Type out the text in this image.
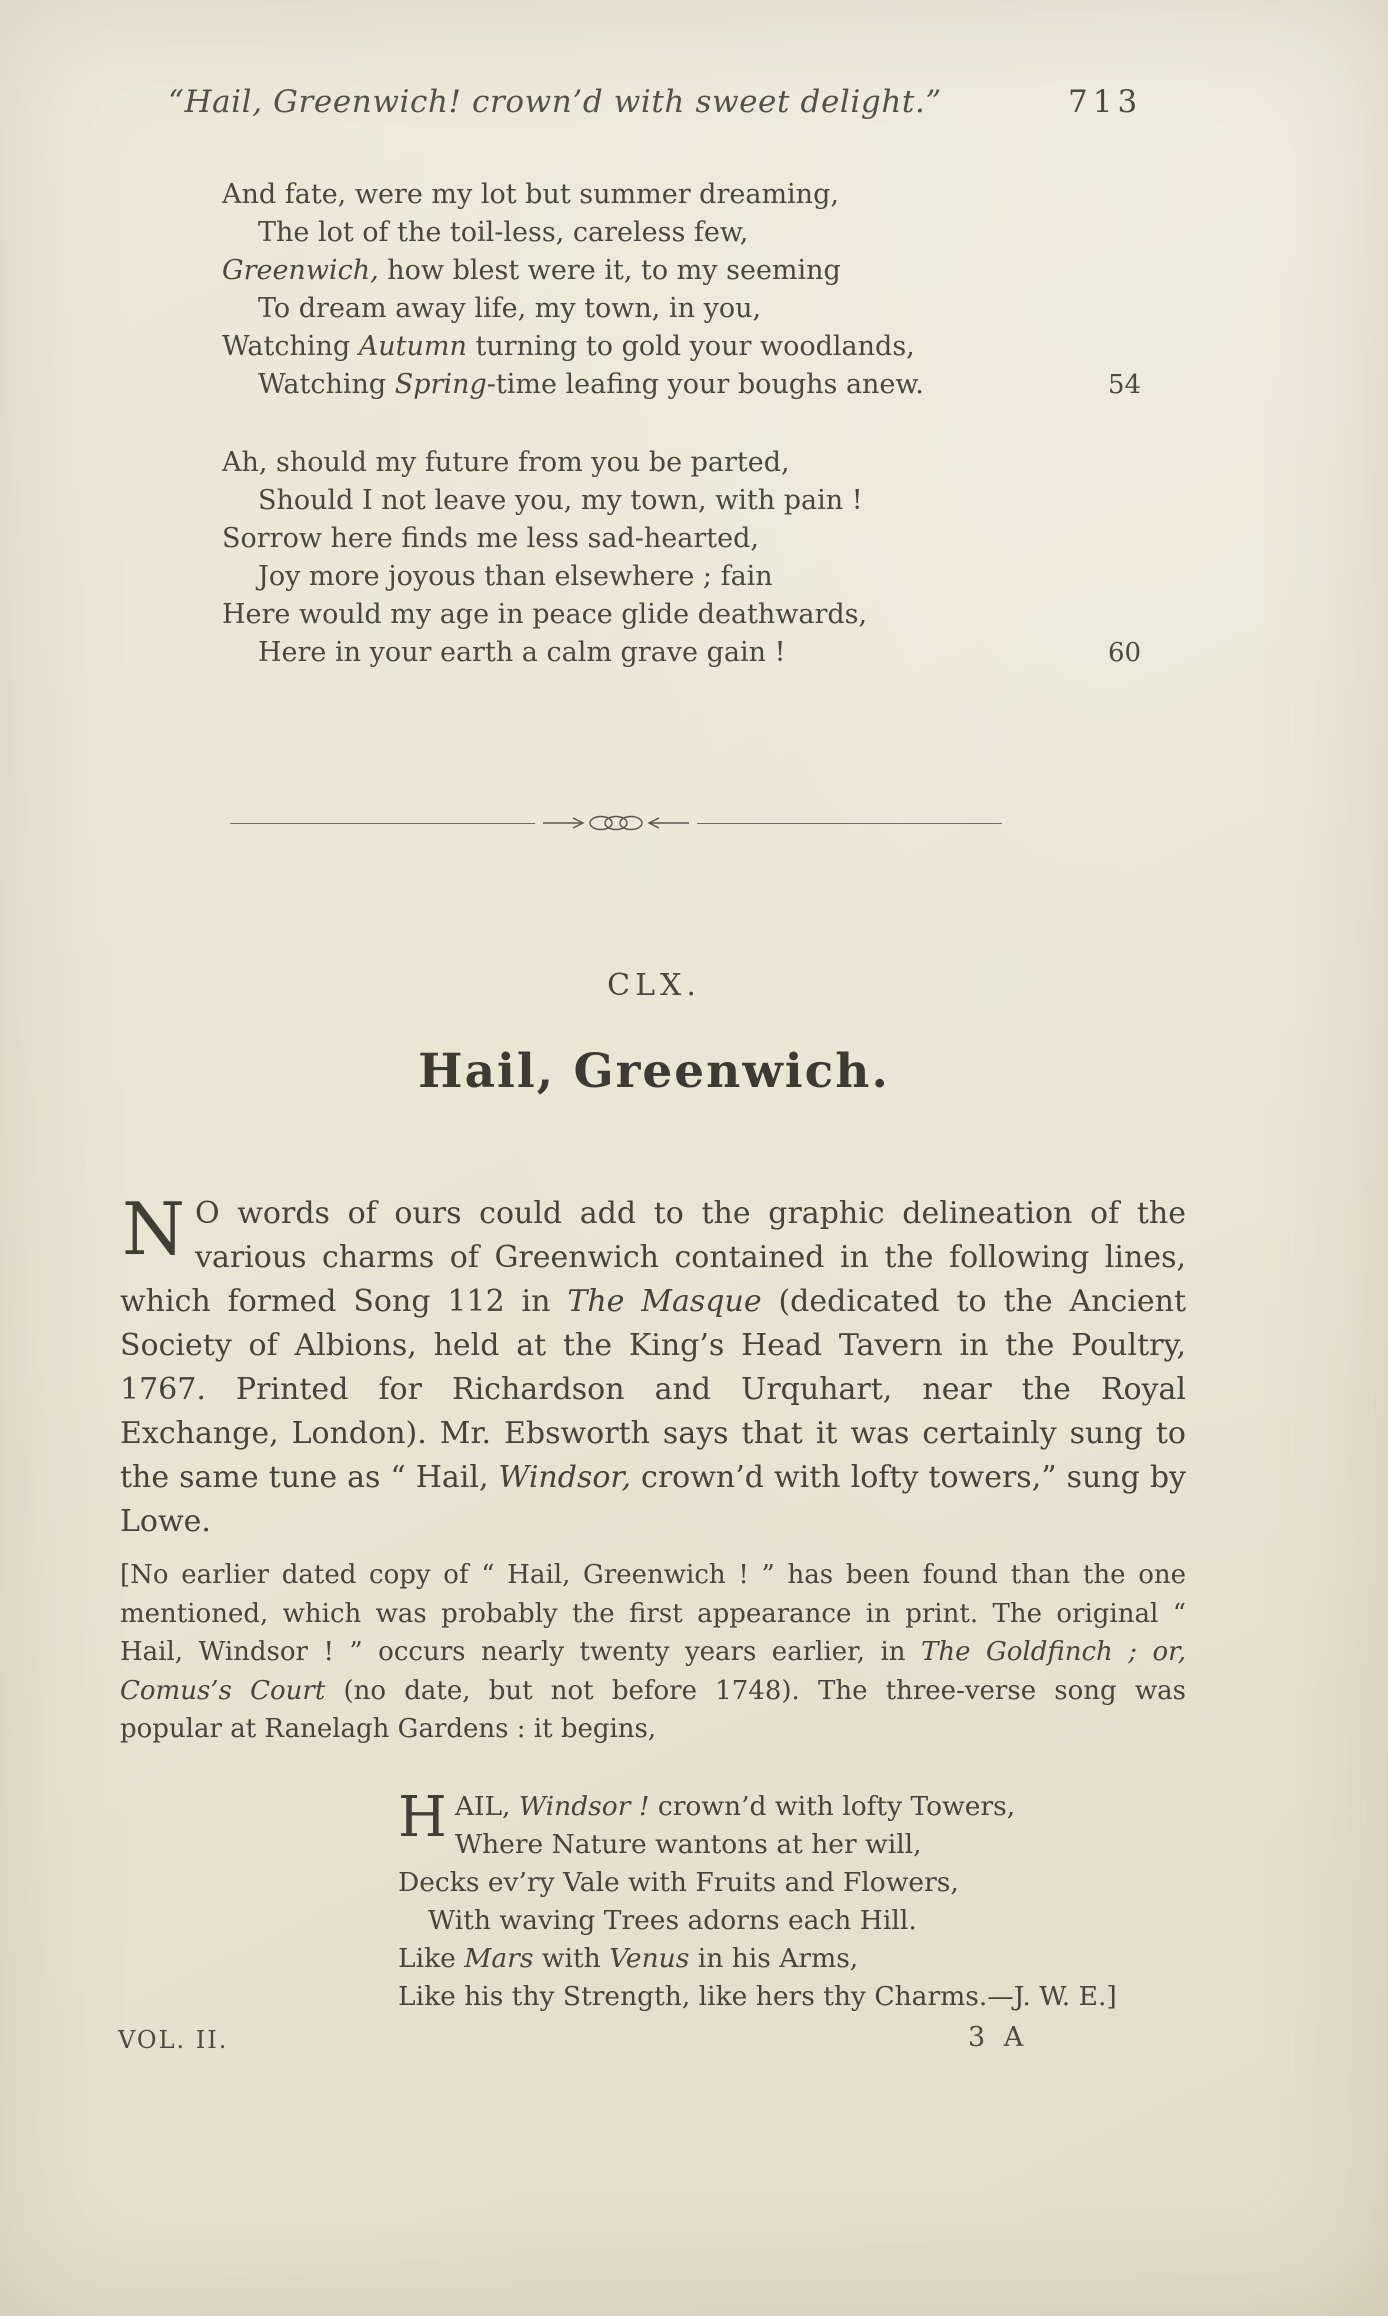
“Hail, Greenwich! crown’d with sweet delight.”	713
And fate, were my lot but summer dreaming,
The lot of the toil-less, careless few,
Greenwich, how blest were it, to my seeming
To dream away life, my town, in you,
Watching Autumn turning to gold your woodlands,
Watching Spring-time leafing your boughs anew.
Ah, should my future from you be parted,
Should I not leave you, my town, with pain !
Sorrow here finds me less sad-hearted,
Joy more joyous than elsewhere ; fain
Here would my age in peace glide deathwards,
Here in your earth a calm grave gain !
54
60
CLX.
Hail, Greenwich.

N O words of ours could add to the graphic delineation of the various charms of Greenwich contained in the following lines, which formed Song 112 in The Masque (dedicated to the Ancient Society of Albions, held at the King’s Head Tavern in the Poultry, 1767. Printed for Richardson and Urquhart, near the Royal Exchange, London). Mr. Ebsworth says that it was certainly sung to the same tune as “ Hail, Windsor, crown’d with lofty towers,” sung by Lowe.

[No earlier dated copy of “ Hail, Greenwich ! ” has been found than the one mentioned, which was probably the first appearance in print. The original “ Hail, Windsor ! ” occurs nearly twenty years earlier, in The Goldfinch ; or, Comus’s Court (no date, but not before 1748). The three-verse song was popular at Ranelagh Gardens : it begins,

H AIL, Windsor ! crown’d with lofty Towers,
Where Nature wantons at her will,
Decks ev’ry Vale with Fruits and Flowers,
With waving Trees adorns each Hill.
Like Mars with Venus in his Arms,
Like his thy Strength, like hers thy Charms.—J. W. E.]
VOL. II.	3 A
